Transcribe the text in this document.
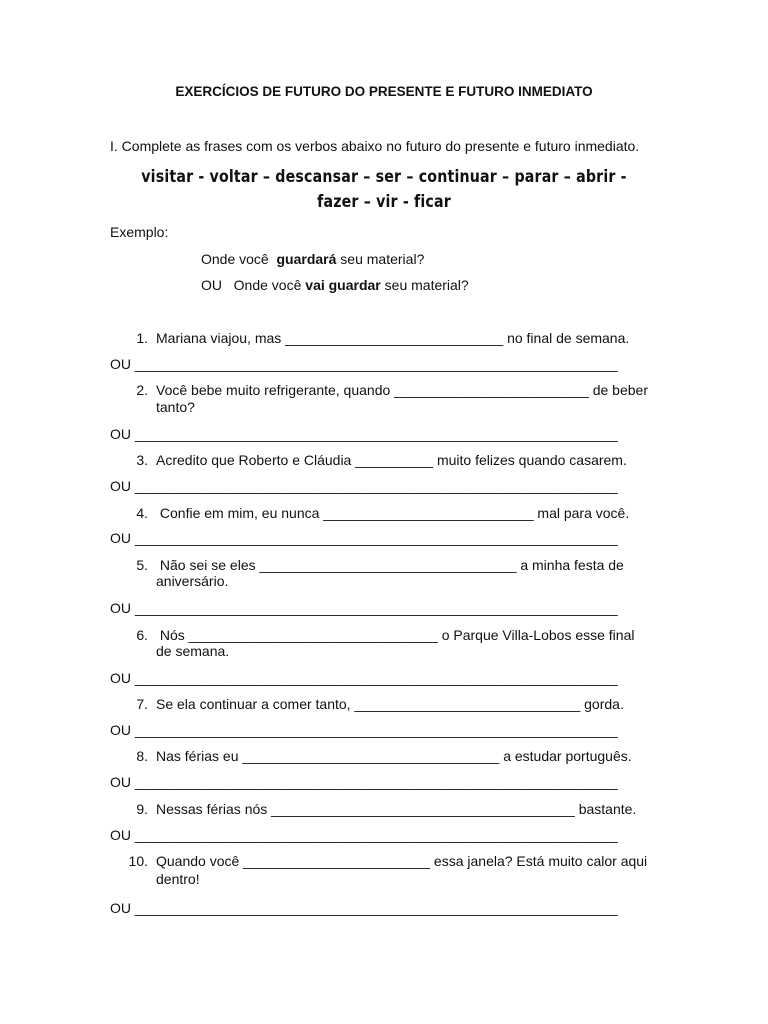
EXERCÍCIOS DE FUTURO DO PRESENTE E FUTURO INMEDIATO
I. Complete as frases com os verbos abaixo no futuro do presente e futuro inmediato.
visitar - voltar – descansar – ser – continuar – parar – abrir - fazer – vir - ficar
Exemplo:
Onde você  guardará seu material?
OU   Onde você vai guardar seu material?
1. Mariana viajou, mas ____________________________ no final de semana.
OU ______________________________________________________________
2. Você bebe muito refrigerante, quando _________________________ de beber
tanto?
OU ______________________________________________________________
3. Acredito que Roberto e Cláudia __________ muito felizes quando casarem.
OU ______________________________________________________________
4. Confie em mim, eu nunca ___________________________ mal para você.
OU ______________________________________________________________
5. Não sei se eles _________________________________ a minha festa de
aniversário.
OU ______________________________________________________________
6. Nós ________________________________ o Parque Villa-Lobos esse final
de semana.
OU ______________________________________________________________
7. Se ela continuar a comer tanto, _____________________________ gorda.
OU ______________________________________________________________
8. Nas férias eu _________________________________ a estudar português.
OU ______________________________________________________________
9. Nessas férias nós _______________________________________ bastante.
OU ______________________________________________________________
10. Quando você ________________________ essa janela? Está muito calor aqui
dentro!
OU ______________________________________________________________
